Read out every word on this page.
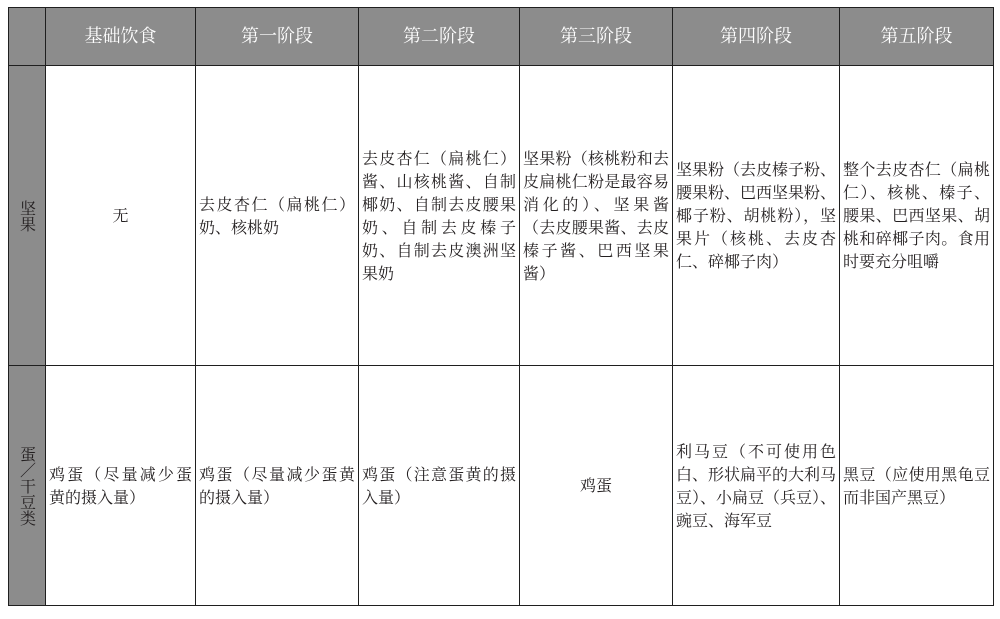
	基础饮食	第一阶段	第二阶段	第三阶段	第四阶段	第五阶段
坚果	无	去皮杏仁（扁桃仁）奶、核桃奶	去皮杏仁（扁桃仁）酱、山核桃酱、自制椰奶、自制去皮腰果奶、自制去皮榛子奶、自制去皮澳洲坚果奶	坚果粉（核桃粉和去皮扁桃仁粉是最容易消化的）、坚果酱（去皮腰果酱、去皮榛子酱、巴西坚果酱）	坚果粉（去皮榛子粉、腰果粉、巴西坚果粉、椰子粉、胡桃粉），坚果片（核桃、去皮杏仁、碎椰子肉）	整个去皮杏仁（扁桃仁）、核桃、榛子、腰果、巴西坚果、胡桃和碎椰子肉。食用时要充分咀嚼
蛋／干豆类	鸡蛋（尽量减少蛋黄的摄入量）	鸡蛋（尽量减少蛋黄的摄入量）	鸡蛋（注意蛋黄的摄入量）	鸡蛋	利马豆（不可使用色白、形状扁平的大利马豆）、小扁豆（兵豆）、豌豆、海军豆	黑豆（应使用黑龟豆而非国产黑豆）
